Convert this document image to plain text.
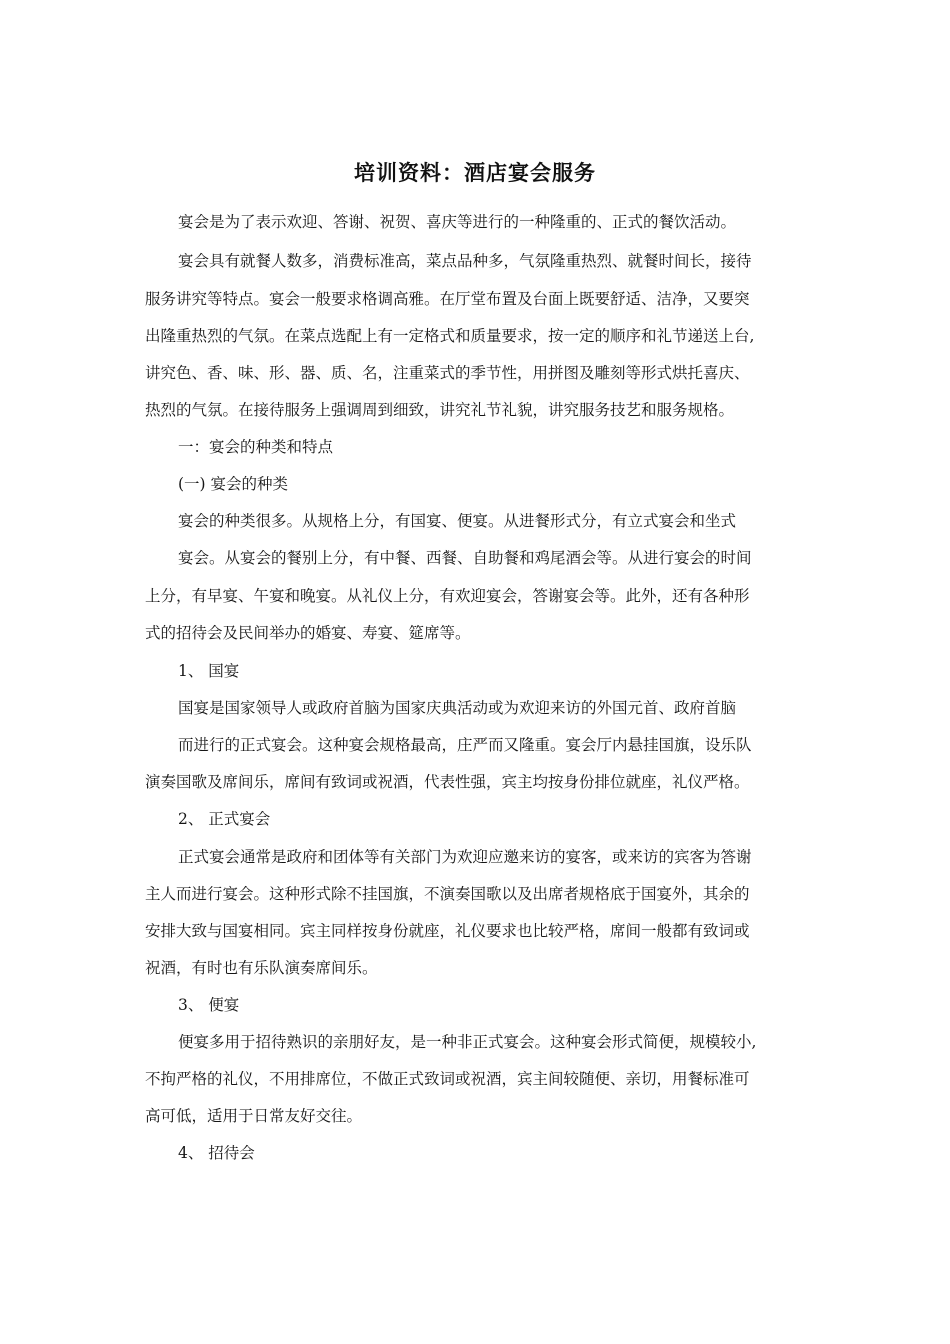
培训资料：酒店宴会服务
宴会是为了表示欢迎、答谢、祝贺、喜庆等进行的一种隆重的、正式的餐饮活动。
宴会具有就餐人数多，消费标准高，菜点品种多，气氛隆重热烈、就餐时间长，接待
服务讲究等特点。宴会一般要求格调高雅。在厅堂布置及台面上既要舒适、洁净，又要突
出隆重热烈的气氛。在菜点选配上有一定格式和质量要求，按一定的顺序和礼节递送上台,
讲究色、香、味、形、器、质、名，注重菜式的季节性，用拼图及雕刻等形式烘托喜庆、
热烈的气氛。在接待服务上强调周到细致，讲究礼节礼貌，讲究服务技艺和服务规格。
一：宴会的种类和特点
(一) 宴会的种类
宴会的种类很多。从规格上分，有国宴、便宴。从进餐形式分，有立式宴会和坐式
宴会。从宴会的餐别上分，有中餐、西餐、自助餐和鸡尾酒会等。从进行宴会的时间
上分，有早宴、午宴和晚宴。从礼仪上分，有欢迎宴会，答谢宴会等。此外，还有各种形
式的招待会及民间举办的婚宴、寿宴、筵席等。
1、 国宴
国宴是国家领导人或政府首脑为国家庆典活动或为欢迎来访的外国元首、政府首脑
而进行的正式宴会。这种宴会规格最高，庄严而又隆重。宴会厅内悬挂国旗，设乐队
演奏国歌及席间乐，席间有致词或祝酒，代表性强，宾主均按身份排位就座，礼仪严格。
2、 正式宴会
正式宴会通常是政府和团体等有关部门为欢迎应邀来访的宴客，或来访的宾客为答谢
主人而进行宴会。这种形式除不挂国旗，不演奏国歌以及出席者规格底于国宴外，其余的
安排大致与国宴相同。宾主同样按身份就座，礼仪要求也比较严格，席间一般都有致词或
祝酒，有时也有乐队演奏席间乐。
3、 便宴
便宴多用于招待熟识的亲朋好友，是一种非正式宴会。这种宴会形式简便，规模较小,
不拘严格的礼仪，不用排席位，不做正式致词或祝酒，宾主间较随便、亲切，用餐标准可
高可低，适用于日常友好交往。
4、 招待会
